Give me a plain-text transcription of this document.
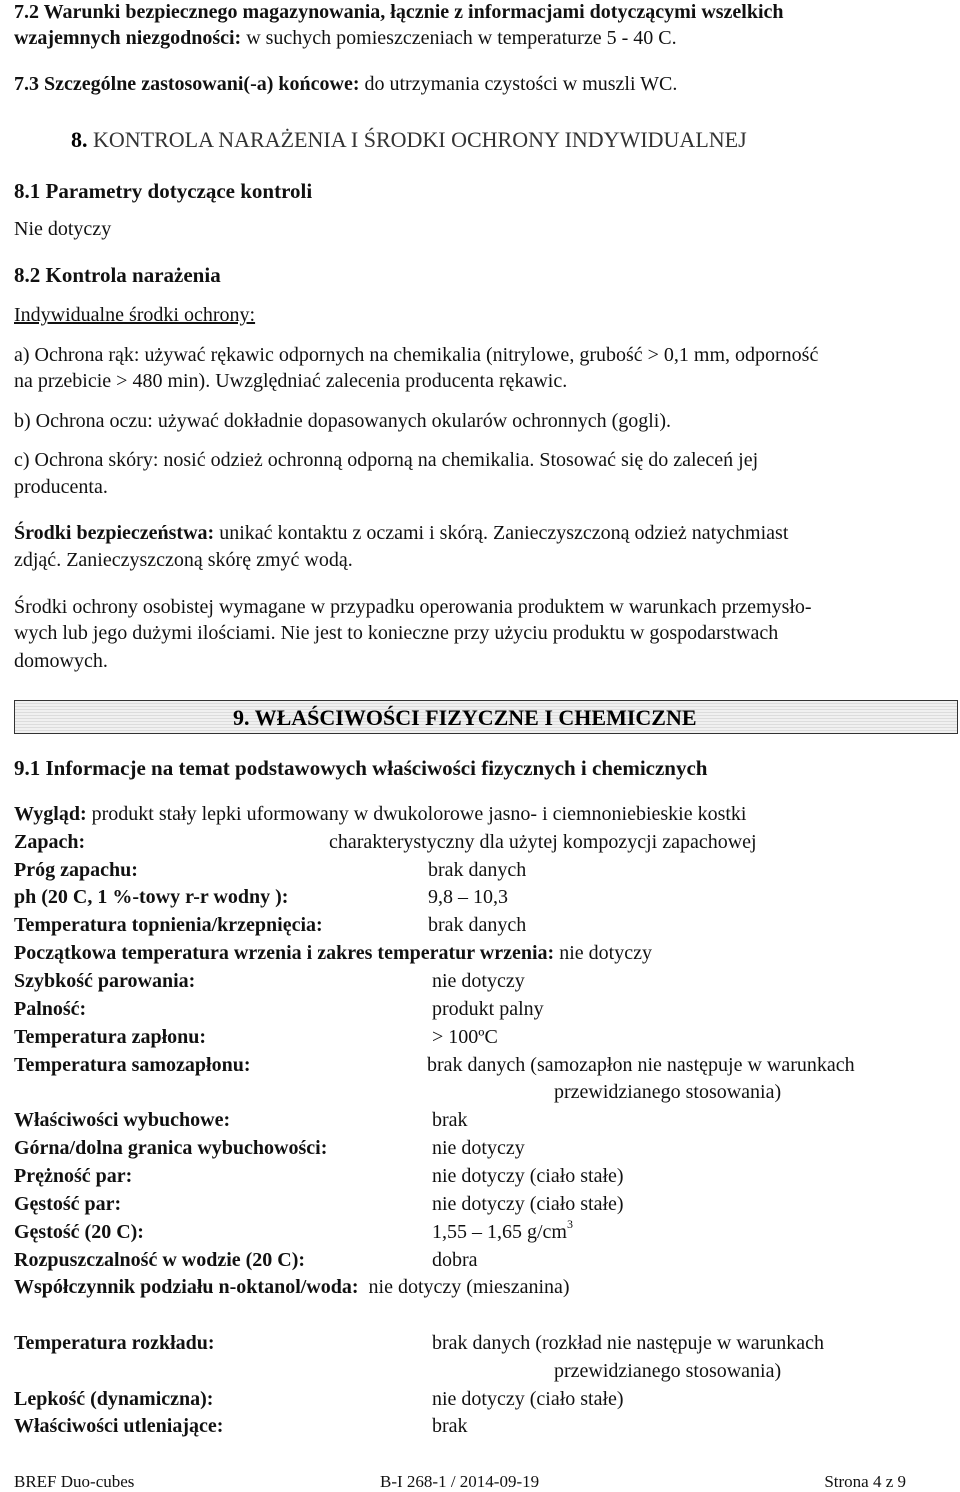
7.2 Warunki bezpiecznego magazynowania, łącznie z informacjami dotyczącymi wszelkich
wzajemnych niezgodności: w suchych pomieszczeniach w temperaturze 5 - 40 C.
7.3 Szczególne zastosowani(-a) końcowe: do utrzymania czystości w muszli WC.
8. KONTROLA NARAŻENIA I ŚRODKI OCHRONY INDYWIDUALNEJ
8.1 Parametry dotyczące kontroli
Nie dotyczy
8.2 Kontrola narażenia
Indywidualne środki ochrony:
a) Ochrona rąk: używać rękawic odpornych na chemikalia (nitrylowe, grubość > 0,1 mm, odporność
na przebicie > 480 min). Uwzględniać zalecenia producenta rękawic.
b) Ochrona oczu: używać dokładnie dopasowanych okularów ochronnych (gogli).
c) Ochrona skóry: nosić odzież ochronną odporną na chemikalia. Stosować się do zaleceń jej
producenta.
Środki bezpieczeństwa: unikać kontaktu z oczami i skórą. Zanieczyszczoną odzież natychmiast
zdjąć. Zanieczyszczoną skórę zmyć wodą.
Środki ochrony osobistej wymagane w przypadku operowania produktem w warunkach przemysło-
wych lub jego dużymi ilościami. Nie jest to konieczne przy użyciu produktu w gospodarstwach
domowych.
9. WŁAŚCIWOŚCI FIZYCZNE I CHEMICZNE
9.1 Informacje na temat podstawowych właściwości fizycznych i chemicznych
Wygląd: produkt stały lepki uformowany w dwukolorowe jasno- i ciemnoniebieskie kostki
Zapach:	charakterystyczny dla użytej kompozycji zapachowej
Próg zapachu:	brak danych
ph (20 C, 1 %-towy r-r wodny ):	9,8 – 10,3
Temperatura topnienia/krzepnięcia:	brak danych
Początkowa temperatura wrzenia i zakres temperatur wrzenia: nie dotyczy
Szybkość parowania:	nie dotyczy
Palność:	produkt palny
Temperatura zapłonu:	> 100ºC
Temperatura samozapłonu:	brak danych (samozapłon nie następuje w warunkach
przewidzianego stosowania)
Właściwości wybuchowe:	brak
Górna/dolna granica wybuchowości:	nie dotyczy
Prężność par:	nie dotyczy (ciało stałe)
Gęstość par:	nie dotyczy (ciało stałe)
Gęstość (20 C):	1,55 – 1,65 $g/cm^3$
Rozpuszczalność w wodzie (20 C):	dobra
Współczynnik podziału n-oktanol/woda: nie dotyczy (mieszanina)
Temperatura rozkładu:	brak danych (rozkład nie następuje w warunkach
przewidzianego stosowania)
Lepkość (dynamiczna):	nie dotyczy (ciało stałe)
Właściwości utleniające:	brak
BREF Duo-cubes	B-I 268-1 / 2014-09-19	Strona 4 z 9
